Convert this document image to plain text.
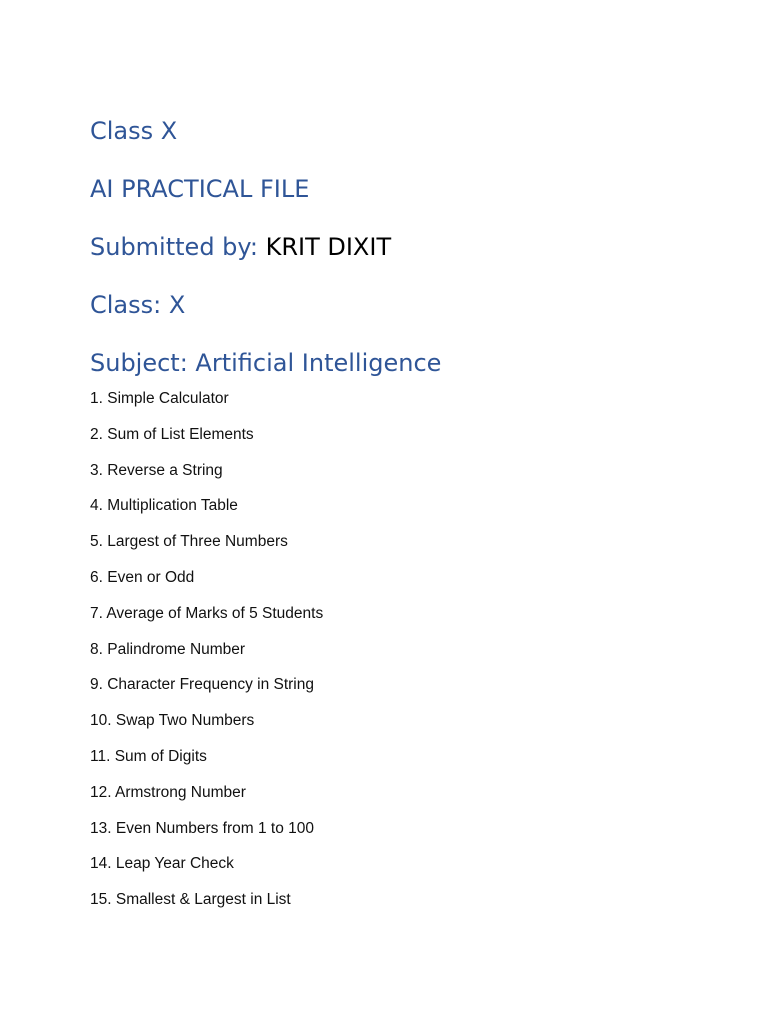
Class X
AI PRACTICAL FILE
Submitted by: KRIT DIXIT
Class: X
Subject: Artificial Intelligence
1. Simple Calculator
2. Sum of List Elements
3. Reverse a String
4. Multiplication Table
5. Largest of Three Numbers
6. Even or Odd
7. Average of Marks of 5 Students
8. Palindrome Number
9. Character Frequency in String
10. Swap Two Numbers
11. Sum of Digits
12. Armstrong Number
13. Even Numbers from 1 to 100
14. Leap Year Check
15. Smallest & Largest in List
